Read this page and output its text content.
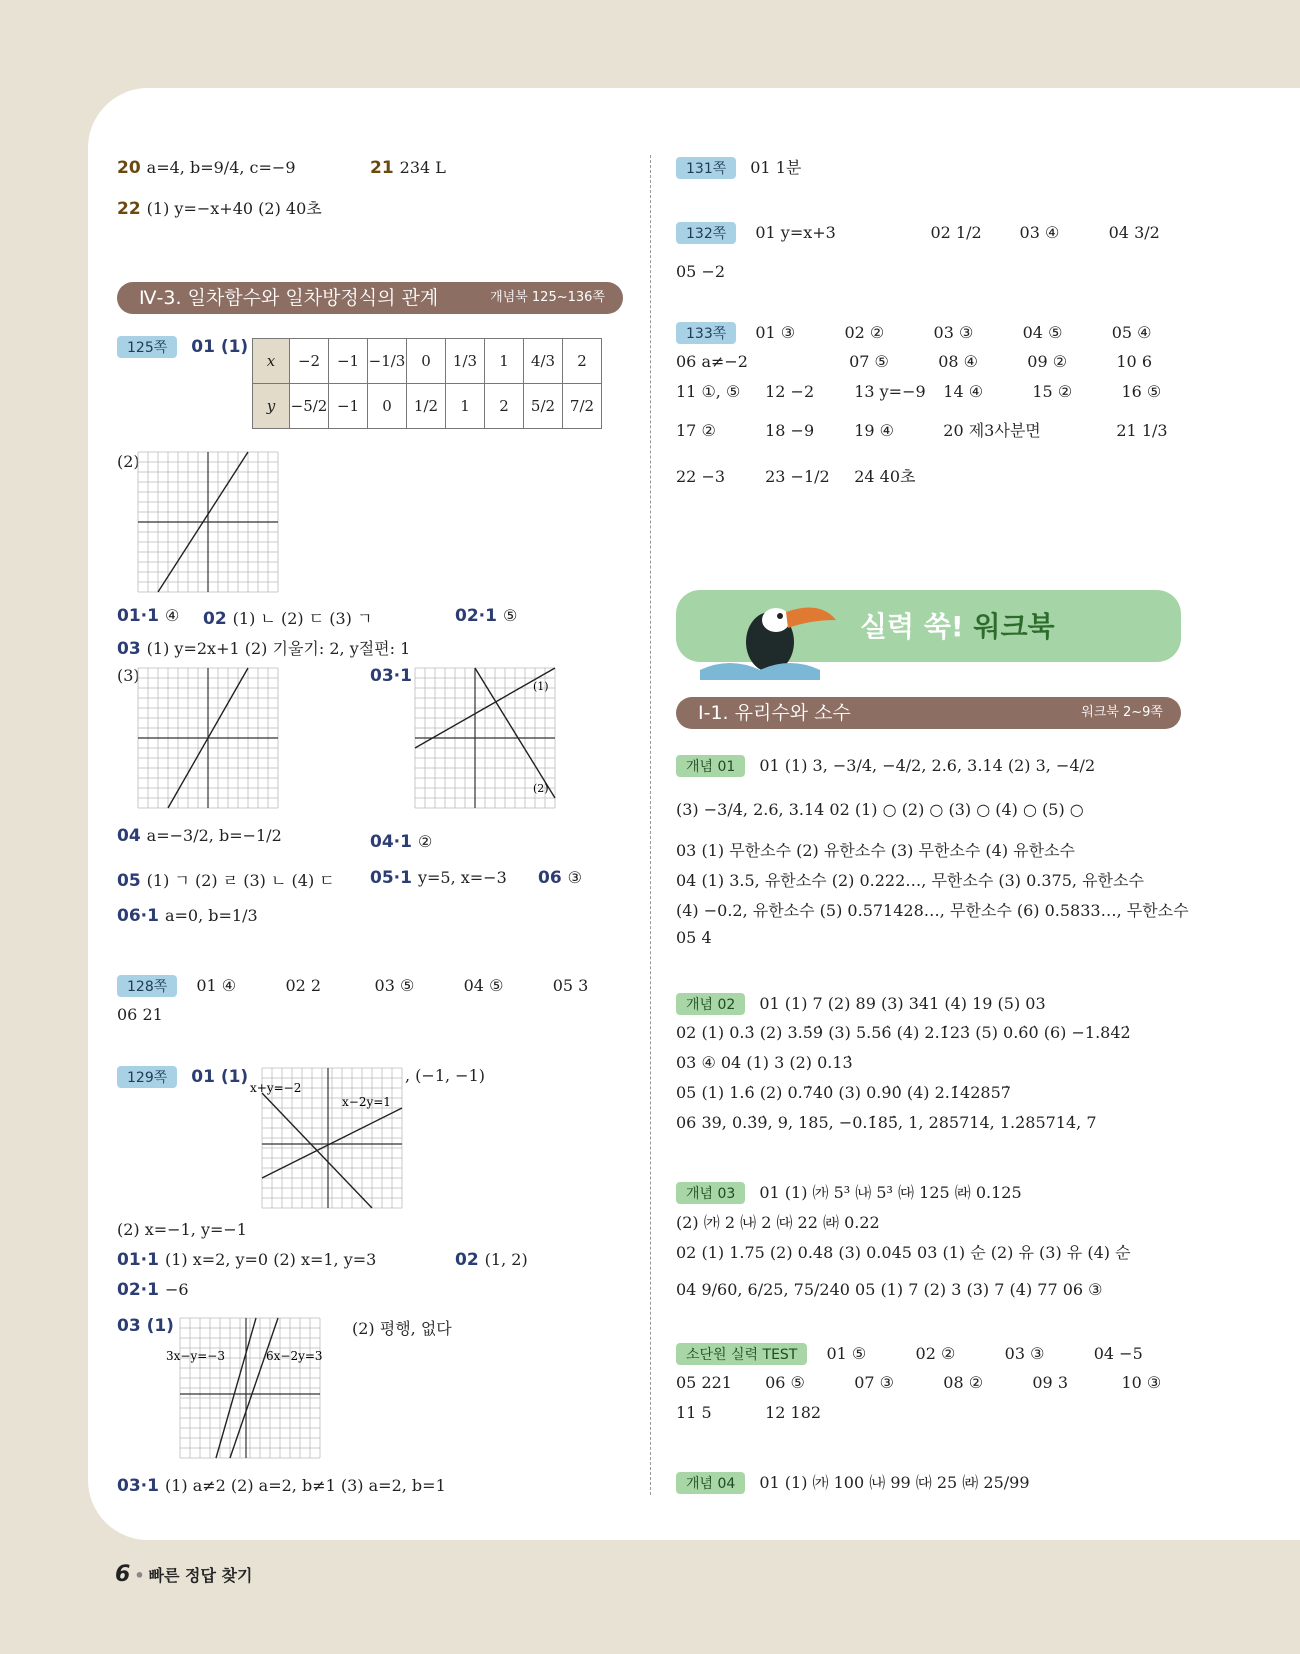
20 a=4, b=9/4, c=−9	21 234 L
22 (1) y=−x+40 (2) 40초
Ⅳ-3. 일차함수와 일차방정식의 관계	개념북 125~136쪽
125쪽 01 (1)
x	−2	−1	−1/3	0	1/3	1	4/3	2
y	−5/2	−1	0	1/2	1	2	5/2	7/2
(2)
01·1 ④ 02 (1) ㄴ (2) ㄷ (3) ㄱ	02·1 ⑤
03 (1) y=2x+1 (2) 기울기: 2, y절편: 1
(3)	03·1
(1)
(2)
04 a=−3/2, b=−1/2	04·1 ②
05 (1) ㄱ (2) ㄹ (3) ㄴ (4) ㄷ 05·1 y=5, x=−3 06 ③
06·1 a=0, b=1/3
128쪽 01 ④	02 2	03 ⑤	04 ⑤	05 3
06 21
129쪽 01 (1)
x+y=−2
x−2y=1
, (−1, −1)
(2) x=−1, y=−1
01·1 (1) x=2, y=0 (2) x=1, y=3	02 (1, 2)
02·1 −6
03 (1)
3x−y=−3	6x−2y=3
(2) 평행, 없다
03·1 (1) a≠2 (2) a=2, b≠1 (3) a=2, b=1
131쪽 01 1분
132쪽 01 y=x+3	02 1/2 03 ④	04 3/2
05 −2
133쪽 01 ③	02 ②	03 ③	04 ⑤	05 ④
06 a≠−2	07 ⑤	08 ④	09 ②	10 6
11 ①, ⑤ 12 −2	13 y=−9 14 ④	15 ②	16 ⑤
17 ②	18 −9	19 ④	20 제3사분면	21 1/3
22 −3	23 −1/2 24 40초
실력 쑥! 워크북
Ⅰ-1. 유리수와 소수	워크북 2~9쪽
개념 01 01 (1) 3, −3/4, −4/2, 2.6, 3.14 (2) 3, −4/2
(3) −3/4, 2.6, 3.14 02 (1) ○ (2) ○ (3) ○ (4) ○ (5) ○
03 (1) 무한소수 (2) 유한소수 (3) 무한소수 (4) 유한소수
04 (1) 3.5, 유한소수 (2) 0.222…, 무한소수 (3) 0.375, 유한소수
(4) −0.2, 유한소수 (5) 0.571428…, 무한소수 (6) 0.5833…, 무한소수
05 4
개념 02 01 (1) 7 (2) 89 (3) 341 (4) 19 (5) 03
02 (1) 0.3̇ (2) 3.5̇9̇ (3) 5.56̇ (4) 2.1̇23̇ (5) 0.6̇0̇ (6) −1.84̇2̇
03 ④ 04 (1) 3 (2) 0.13̇
05 (1) 1.6̇ (2) 0.7̇40̇ (3) 0.9̇0̇ (4) 2.1̇42857̇
06 39, 0.3̇9̇, 9, 185, −0.1̇85̇, 1, 285714, 1.2̇85714̇, 7
개념 03 01 (1) ㈎ 5³ ㈏ 5³ ㈐ 125 ㈑ 0.125
(2) ㈎ 2 ㈏ 2 ㈐ 22 ㈑ 0.22
02 (1) 1.75 (2) 0.48 (3) 0.045 03 (1) 순 (2) 유 (3) 유 (4) 순
04 9/60, 6/25, 75/240 05 (1) 7 (2) 3 (3) 7 (4) 77 06 ③
소단원 실력 TEST 01 ⑤	02 ②	03 ③	04 −5
05 221 06 ⑤	07 ③	08 ②	09 3	10 ③
11 5	12 182
개념 04 01 (1) ㈎ 100 ㈏ 99 ㈐ 25 ㈑ 25/99
6 • 빠른 정답 찾기
